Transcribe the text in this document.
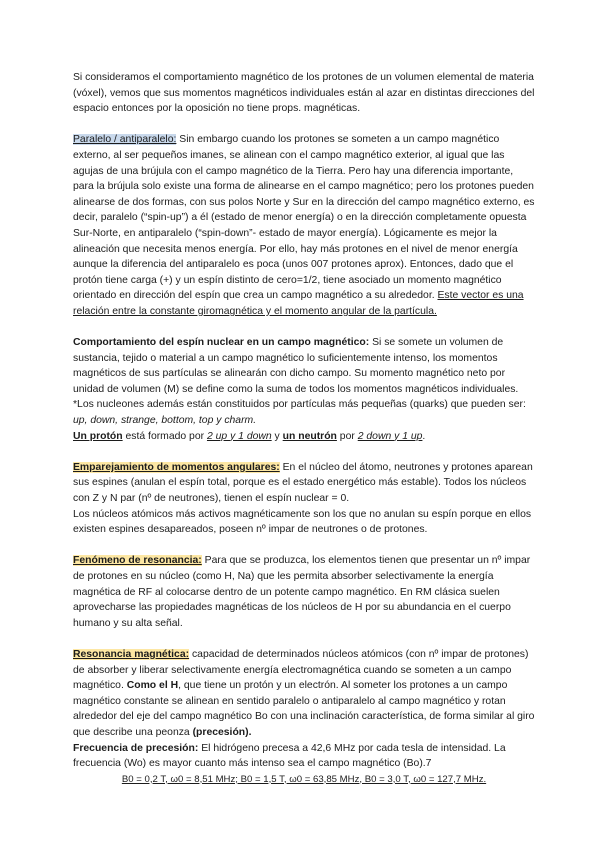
Si consideramos el comportamiento magnético de los protones de un volumen elemental de materia (vóxel), vemos que sus momentos magnéticos individuales están al azar en distintas direcciones del espacio entonces por la oposición no tiene props. magnéticas.

Paralelo / antiparalelo: Sin embargo cuando los protones se someten a un campo magnético externo, al ser pequeños imanes, se alinean con el campo magnético exterior, al igual que las agujas de una brújula con el campo magnético de la Tierra. Pero hay una diferencia importante, para la brújula solo existe una forma de alinearse en el campo magnético; pero los protones pueden alinearse de dos formas, con sus polos Norte y Sur en la dirección del campo magnético externo, es decir, paralelo (“spin-up”) a él (estado de menor energía) o en la dirección completamente opuesta Sur-Norte, en antiparalelo (“spin-down”- estado de mayor energía). Lógicamente es mejor la alineación que necesita menos energía. Por ello, hay más protones en el nivel de menor energía aunque la diferencia del antiparalelo es poca (unos 007 protones aprox). Entonces, dado que el protón tiene carga (+) y un espín distinto de cero=1/2, tiene asociado un momento magnético orientado en dirección del espín que crea un campo magnético a su alrededor. Este vector es una relación entre la constante giromagnética y el momento angular de la partícula.

Comportamiento del espín nuclear en un campo magnético: Si se somete un volumen de sustancia, tejido o material a un campo magnético lo suficientemente intenso, los momentos magnéticos de sus partículas se alinearán con dicho campo. Su momento magnético neto por unidad de volumen (M) se define como la suma de todos los momentos magnéticos individuales.

*Los nucleones además están constituidos por partículas más pequeñas (quarks) que pueden ser: up, down, strange, bottom, top y charm.

Un protón está formado por 2 up y 1 down y un neutrón por 2 down y 1 up.

Emparejamiento de momentos angulares: En el núcleo del átomo, neutrones y protones aparean sus espines (anulan el espín total, porque es el estado energético más estable). Todos los núcleos con Z y N par (nº de neutrones), tienen el espín nuclear = 0.

Los núcleos atómicos más activos magnéticamente son los que no anulan su espín porque en ellos existen espines desapareados, poseen nº impar de neutrones o de protones.

Fenómeno de resonancia: Para que se produzca, los elementos tienen que presentar un nº impar de protones en su núcleo (como H, Na) que les permita absorber selectivamente la energía magnética de RF al colocarse dentro de un potente campo magnético. En RM clásica suelen aprovecharse las propiedades magnéticas de los núcleos de H por su abundancia en el cuerpo humano y su alta señal.

Resonancia magnética: capacidad de determinados núcleos atómicos (con nº impar de protones) de absorber y liberar selectivamente energía electromagnética cuando se someten a un campo magnético. Como el H, que tiene un protón y un electrón. Al someter los protones a un campo magnético constante se alinean en sentido paralelo o antiparalelo al campo magnético y rotan alrededor del eje del campo magnético Bo con una inclinación característica, de forma similar al giro que describe una peonza (precesión).

Frecuencia de precesión: El hidrógeno precesa a 42,6 MHz por cada tesla de intensidad. La frecuencia (Wo) es mayor cuanto más intenso sea el campo magnético (Bo).7

B0 = 0,2 T, ω0 = 8,51 MHz; B0 = 1,5 T, ω0 = 63,85 MHz, B0 = 3,0 T, ω0 = 127,7 MHz.
